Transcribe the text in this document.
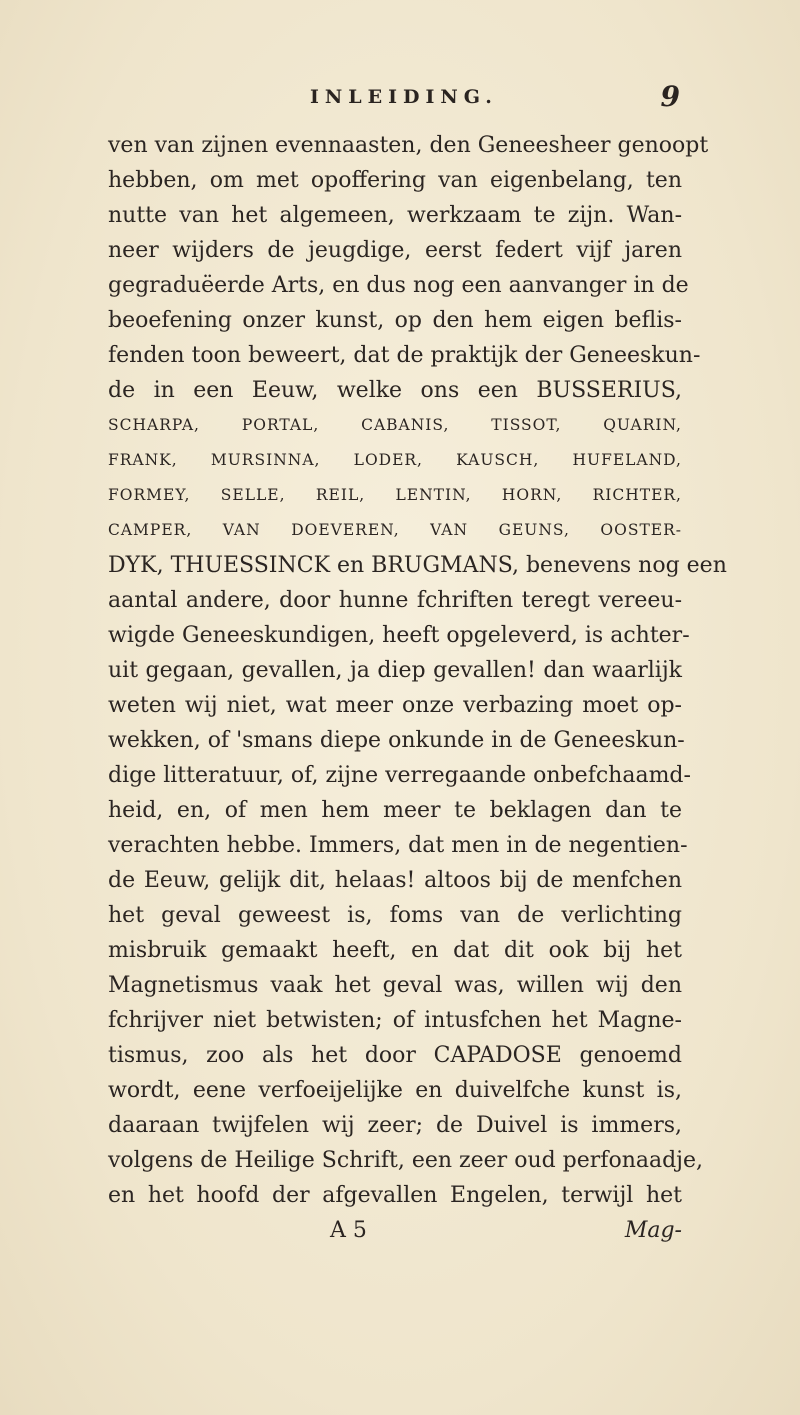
INLEIDING.	9
ven van zijnen evennaasten, den Geneesheer genoopt
hebben, om met opoffering van eigenbelang, ten
nutte van het algemeen, werkzaam te zijn. Wan-
neer wijders de jeugdige, eerst federt vijf jaren
gegraduëerde Arts, en dus nog een aanvanger in de
beoefening onzer kunst, op den hem eigen beflis-
fenden toon beweert, dat de praktijk der Geneeskun-
de in een Eeuw, welke ons een BUSSERIUS,
SCHARPA, PORTAL, CABANIS, TISSOT, QUARIN,
FRANK, MURSINNA, LODER, KAUSCH, HUFELAND,
FORMEY, SELLE, REIL, LENTIN, HORN, RICHTER,
CAMPER, VAN DOEVEREN, VAN GEUNS, OOSTER-
DYK, THUESSINCK en BRUGMANS, benevens nog een
aantal andere, door hunne fchriften teregt vereeu-
wigde Geneeskundigen, heeft opgeleverd, is achter-
uit gegaan, gevallen, ja diep gevallen! dan waarlijk
weten wij niet, wat meer onze verbazing moet op-
wekken, of 'smans diepe onkunde in de Geneeskun-
dige litteratuur, of, zijne verregaande onbefchaamd-
heid, en, of men hem meer te beklagen dan te
verachten hebbe. Immers, dat men in de negentien-
de Eeuw, gelijk dit, helaas! altoos bij de menfchen
het geval geweest is, foms van de verlichting
misbruik gemaakt heeft, en dat dit ook bij het
Magnetismus vaak het geval was, willen wij den
fchrijver niet betwisten; of intusfchen het Magne-
tismus, zoo als het door CAPADOSE genoemd
wordt, eene verfoeijelijke en duivelfche kunst is,
daaraan twijfelen wij zeer; de Duivel is immers,
volgens de Heilige Schrift, een zeer oud perfonaadje,
en het hoofd der afgevallen Engelen, terwijl het
A 5	Mag-
